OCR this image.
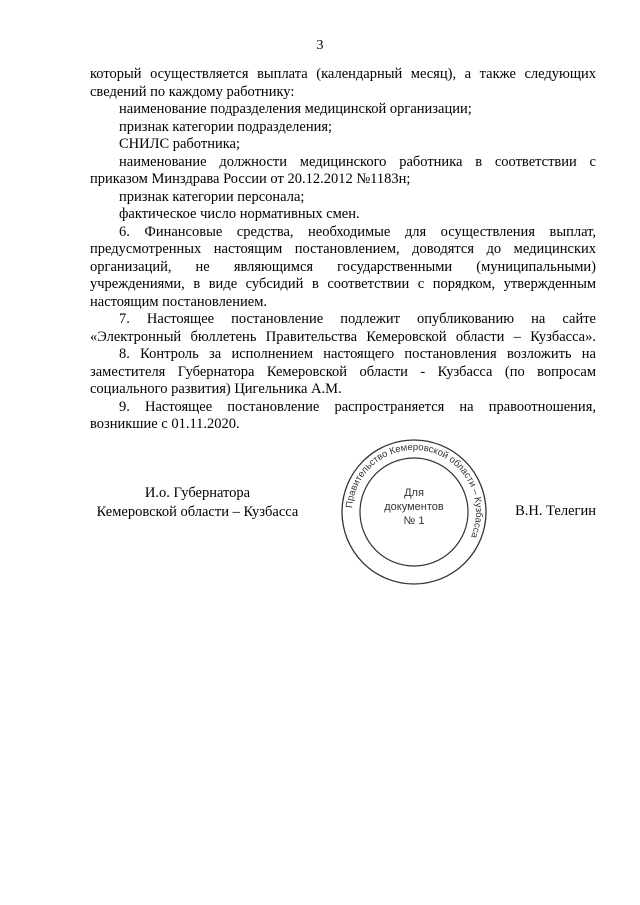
3
который осуществляется выплата (календарный месяц), а также следующих
сведений по каждому работнику:
наименование подразделения медицинской организации;
признак категории подразделения;
СНИЛС работника;
наименование должности медицинского работника в соответствии с
приказом Минздрава России от 20.12.2012 №1183н;
признак категории персонала;
фактическое число нормативных смен.
6. Финансовые средства, необходимые для осуществления выплат,
предусмотренных настоящим постановлением, доводятся до медицинских
организаций, не являющимся государственными (муниципальными)
учреждениями, в виде субсидий в соответствии с порядком, утвержденным
настоящим постановлением.
7. Настоящее постановление подлежит опубликованию на сайте
«Электронный бюллетень Правительства Кемеровской области – Кузбасса».
8. Контроль за исполнением настоящего постановления возложить на
заместителя Губернатора Кемеровской области - Кузбасса (по вопросам
социального развития) Цигельника А.М.
9. Настоящее постановление распространяется на правоотношения,
возникшие с 01.11.2020.
И.о. Губернатора
Кемеровской области – Кузбасса	В.Н. Телегин
Правительство Кемеровской области – Кузбасса
Для
документов
№ 1
